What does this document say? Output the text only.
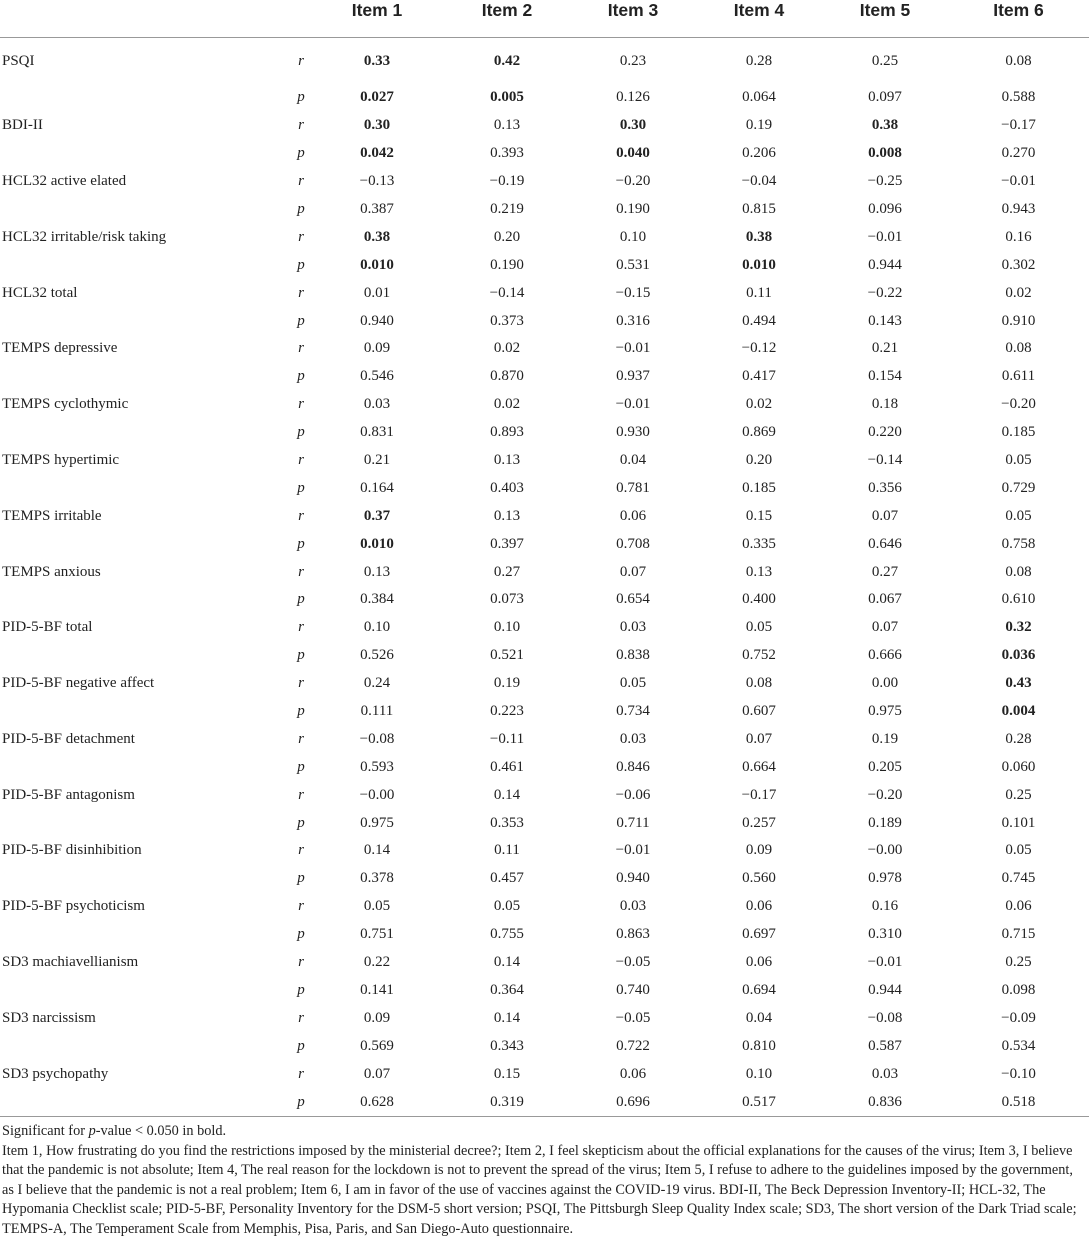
		Item 1	Item 2	Item 3	Item 4	Item 5	Item 6
PSQI	r	0.33	0.42	0.23	0.28	0.25	0.08
	p	0.027	0.005	0.126	0.064	0.097	0.588
BDI-II	r	0.30	0.13	0.30	0.19	0.38	−0.17
	p	0.042	0.393	0.040	0.206	0.008	0.270
HCL32 active elated	r	−0.13	−0.19	−0.20	−0.04	−0.25	−0.01
	p	0.387	0.219	0.190	0.815	0.096	0.943
HCL32 irritable/risk taking	r	0.38	0.20	0.10	0.38	−0.01	0.16
	p	0.010	0.190	0.531	0.010	0.944	0.302
HCL32 total	r	0.01	−0.14	−0.15	0.11	−0.22	0.02
	p	0.940	0.373	0.316	0.494	0.143	0.910
TEMPS depressive	r	0.09	0.02	−0.01	−0.12	0.21	0.08
	p	0.546	0.870	0.937	0.417	0.154	0.611
TEMPS cyclothymic	r	0.03	0.02	−0.01	0.02	0.18	−0.20
	p	0.831	0.893	0.930	0.869	0.220	0.185
TEMPS hypertimic	r	0.21	0.13	0.04	0.20	−0.14	0.05
	p	0.164	0.403	0.781	0.185	0.356	0.729
TEMPS irritable	r	0.37	0.13	0.06	0.15	0.07	0.05
	p	0.010	0.397	0.708	0.335	0.646	0.758
TEMPS anxious	r	0.13	0.27	0.07	0.13	0.27	0.08
	p	0.384	0.073	0.654	0.400	0.067	0.610
PID-5-BF total	r	0.10	0.10	0.03	0.05	0.07	0.32
	p	0.526	0.521	0.838	0.752	0.666	0.036
PID-5-BF negative affect	r	0.24	0.19	0.05	0.08	0.00	0.43
	p	0.111	0.223	0.734	0.607	0.975	0.004
PID-5-BF detachment	r	−0.08	−0.11	0.03	0.07	0.19	0.28
	p	0.593	0.461	0.846	0.664	0.205	0.060
PID-5-BF antagonism	r	−0.00	0.14	−0.06	−0.17	−0.20	0.25
	p	0.975	0.353	0.711	0.257	0.189	0.101
PID-5-BF disinhibition	r	0.14	0.11	−0.01	0.09	−0.00	0.05
	p	0.378	0.457	0.940	0.560	0.978	0.745
PID-5-BF psychoticism	r	0.05	0.05	0.03	0.06	0.16	0.06
	p	0.751	0.755	0.863	0.697	0.310	0.715
SD3 machiavellianism	r	0.22	0.14	−0.05	0.06	−0.01	0.25
	p	0.141	0.364	0.740	0.694	0.944	0.098
SD3 narcissism	r	0.09	0.14	−0.05	0.04	−0.08	−0.09
	p	0.569	0.343	0.722	0.810	0.587	0.534
SD3 psychopathy	r	0.07	0.15	0.06	0.10	0.03	−0.10
	p	0.628	0.319	0.696	0.517	0.836	0.518

Significant for p-value < 0.050 in bold.

Item 1, How frustrating do you find the restrictions imposed by the ministerial decree?; Item 2, I feel skepticism about the official explanations for the causes of the virus; Item 3, I believe that the pandemic is not absolute; Item 4, The real reason for the lockdown is not to prevent the spread of the virus; Item 5, I refuse to adhere to the guidelines imposed by the government, as I believe that the pandemic is not a real problem; Item 6, I am in favor of the use of vaccines against the COVID-19 virus. BDI-II, The Beck Depression Inventory-II; HCL-32, The Hypomania Checklist scale; PID-5-BF, Personality Inventory for the DSM-5 short version; PSQI, The Pittsburgh Sleep Quality Index scale; SD3, The short version of the Dark Triad scale; TEMPS-A, The Temperament Scale from Memphis, Pisa, Paris, and San Diego-Auto questionnaire.
